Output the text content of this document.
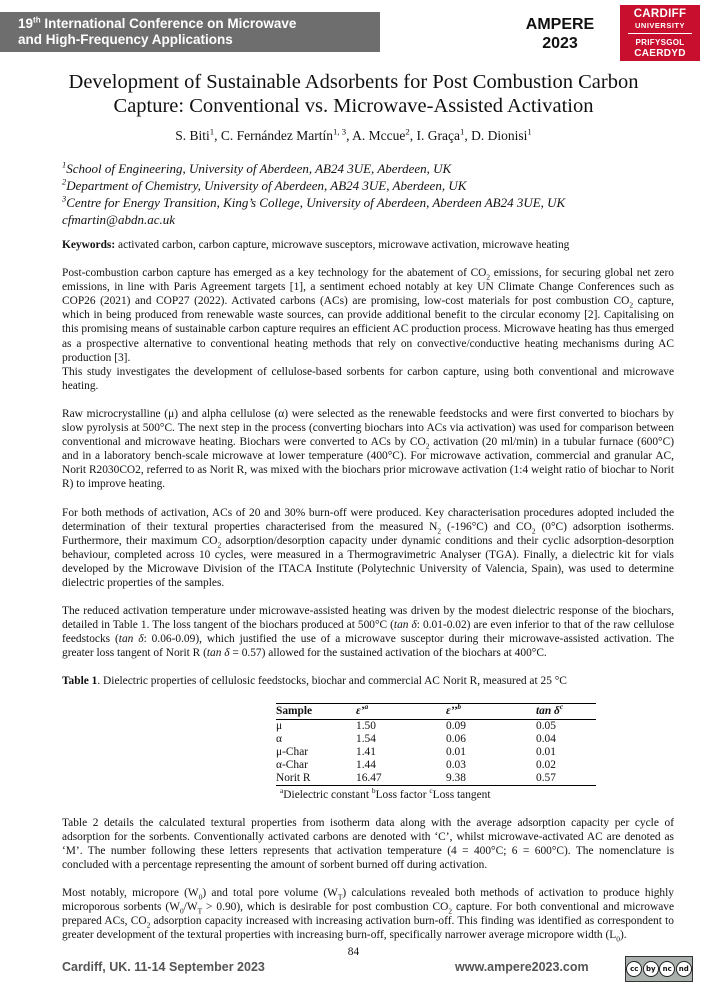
19th International Conference on Microwave
and High-Frequency Applications
AMPERE
2023
CARDIFF
UNIVERSITY
PRIFYSGOL
CAERDYD
Development of Sustainable Adsorbents for Post Combustion Carbon Capture: Conventional vs. Microwave-Assisted Activation
S. Biti$^1$, C. Fernández Martín$^{1, 3}$, A. Mccue$^2$, I. Graça$^1$, D. Dionisi$^1$

$^1$School of Engineering, University of Aberdeen, AB24 3UE, Aberdeen, UK

$^2$Department of Chemistry, University of Aberdeen, AB24 3UE, Aberdeen, UK

$^3$Centre for Energy Transition, King’s College, University of Aberdeen, Aberdeen AB24 3UE, UK

cfmartin@abdn.ac.uk

Keywords: activated carbon, carbon capture, microwave susceptors, microwave activation, microwave heating

Post-combustion carbon capture has emerged as a key technology for the abatement of $CO_2$ emissions, for securing global net zero emissions, in line with Paris Agreement targets [1], a sentiment echoed notably at key UN Climate Change Conferences such as COP26 (2021) and COP27 (2022). Activated carbons (ACs) are promising, low-cost materials for post combustion $CO_2$ capture, which in being produced from renewable waste sources, can provide additional benefit to the circular economy [2]. Capitalising on this promising means of sustainable carbon capture requires an efficient AC production process. Microwave heating has thus emerged as a prospective alternative to conventional heating methods that rely on convective/conductive heating mechanisms during AC production [3].

This study investigates the development of cellulose-based sorbents for carbon capture, using both conventional and microwave heating.

Raw microcrystalline (μ) and alpha cellulose (α) were selected as the renewable feedstocks and were first converted to biochars by slow pyrolysis at 500°C. The next step in the process (converting biochars into ACs via activation) was used for comparison between conventional and microwave heating. Biochars were converted to ACs by $CO_2$ activation (20 ml/min) in a tubular furnace (600°C) and in a laboratory bench-scale microwave at lower temperature (400°C). For microwave activation, commercial and granular AC, Norit R2030CO2, referred to as Norit R, was mixed with the biochars prior microwave activation (1:4 weight ratio of biochar to Norit R) to improve heating.

For both methods of activation, ACs of 20 and 30% burn-off were produced. Key characterisation procedures adopted included the determination of their textural properties characterised from the measured $N_2$ (-196°C) and $CO_2$ (0°C) adsorption isotherms. Furthermore, their maximum $CO_2$ adsorption/desorption capacity under dynamic conditions and their cyclic adsorption-desorption behaviour, completed across 10 cycles, were measured in a Thermogravimetric Analyser (TGA). Finally, a dielectric kit for vials developed by the Microwave Division of the ITACA Institute (Polytechnic University of Valencia, Spain), was used to determine dielectric properties of the samples.

The reduced activation temperature under microwave-assisted heating was driven by the modest dielectric response of the biochars, detailed in Table 1. The loss tangent of the biochars produced at 500°C (tan δ: 0.01-0.02) are even inferior to that of the raw cellulose feedstocks (tan δ: 0.06-0.09), which justified the use of a microwave susceptor during their microwave-assisted activation. The greater loss tangent of Norit R (tan δ = 0.57) allowed for the sustained activation of the biochars at 400°C.

Table 1. Dielectric properties of cellulosic feedstocks, biochar and commercial AC Norit R, measured at 25 °C

Sample	ε’$^a$	ε’’$^b$	$\tan \delta^c$
μ	1.50	0.09	0.05
α	1.54	0.06	0.04
μ-Char	1.41	0.01	0.01
α-Char	1.44	0.03	0.02
Norit R	16.47	9.38	0.57
$^a$Dielectric constant $^b$Loss factor $^c$Loss tangent

Table 2 details the calculated textural properties from isotherm data along with the average adsorption capacity per cycle of adsorption for the sorbents. Conventionally activated carbons are denoted with ‘C’, whilst microwave-activated AC are denoted as ‘M’. The number following these letters represents that activation temperature (4 = 400°C; 6 = 600°C). The nomenclature is concluded with a percentage representing the amount of sorbent burned off during activation.

Most notably, micropore $(W_0)$ and total pore volume $(W_T)$ calculations revealed both methods of activation to produce highly microporous sorbents $(W_0/W_T > 0.90)$, which is desirable for post combustion $CO_2$ capture. For both conventional and microwave prepared ACs, $CO_2$ adsorption capacity increased with increasing activation burn-off. This finding was identified as correspondent to greater development of the textural properties with increasing burn-off, specifically narrower average micropore width $(L_0)$.

84
Cardiff, UK. 11-14 September 2023	www.ampere2023.com	cc	by	nc nd
